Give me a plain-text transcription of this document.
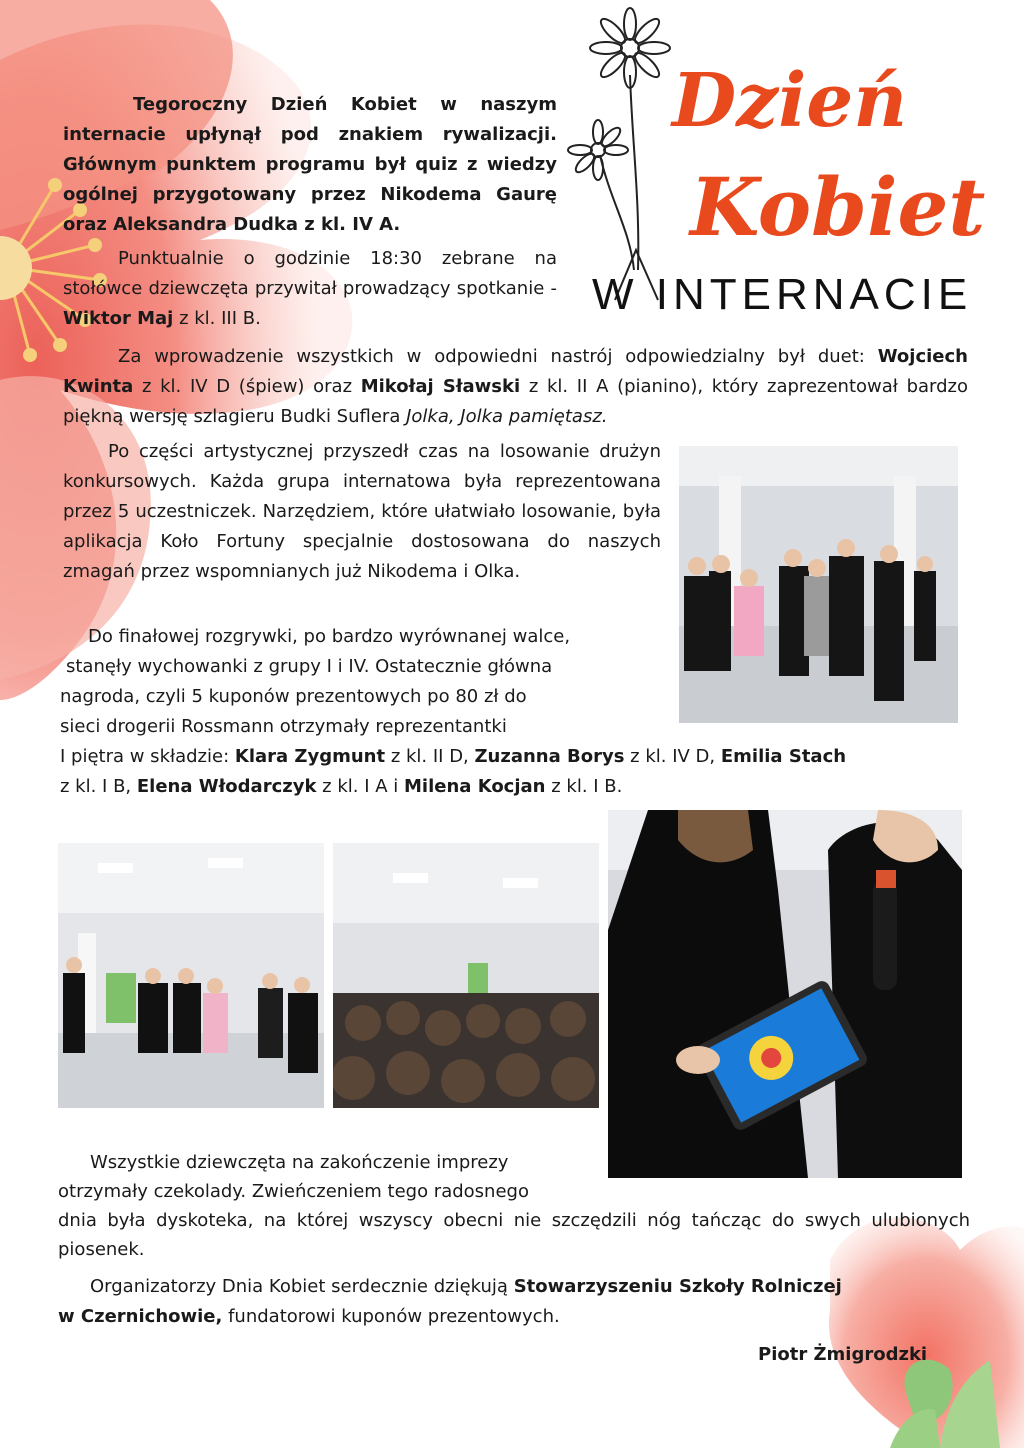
Dzień
Kobiet
W INTERNACIE
Tegoroczny Dzień Kobiet w naszym internacie upłynął pod znakiem rywalizacji. Głównym punktem programu był quiz z wiedzy ogólnej przygotowany przez Nikodema Gaurę oraz Aleksandra Dudka z kl. IV A.
Punktualnie o godzinie 18:30 zebrane na stołówce dziewczęta przywitał prowadzący spotkanie - Wiktor Maj z kl. III B.
Za wprowadzenie wszystkich w odpowiedni nastrój odpowiedzialny był duet: Wojciech Kwinta z kl. IV D (śpiew) oraz Mikołaj Sławski z kl. II A (pianino), który zaprezentował bardzo piękną wersję szlagieru Budki Suflera Jolka, Jolka pamiętasz.
Po części artystycznej przyszedł czas na losowanie drużyn konkursowych. Każda grupa internatowa była reprezentowana przez 5 uczestniczek. Narzędziem, które ułatwiało losowanie, była aplikacja Koło Fortuny specjalnie dostosowana do naszych zmagań przez wspomnianych już Nikodema i Olka.
Do finałowej rozgrywki, po bardzo wyrównanej walce,
stanęły wychowanki z grupy I i IV. Ostatecznie główna
nagroda, czyli 5 kuponów prezentowych po 80 zł do
sieci drogerii Rossmann otrzymały reprezentantki
I piętra w składzie: Klara Zygmunt z kl. II D, Zuzanna Borys z kl. IV D, Emilia Stach
z kl. I B, Elena Włodarczyk z kl. I A i Milena Kocjan z kl. I B.
Wszystkie dziewczęta na zakończenie imprezy
otrzymały czekolady. Zwieńczeniem tego radosnego
dnia była dyskoteka, na której wszyscy obecni nie szczędzili nóg tańcząc do swych ulubionych piosenek.
Organizatorzy Dnia Kobiet serdecznie dziękują Stowarzyszeniu Szkoły Rolniczej
w Czernichowie, fundatorowi kuponów prezentowych.
Piotr Żmigrodzki
